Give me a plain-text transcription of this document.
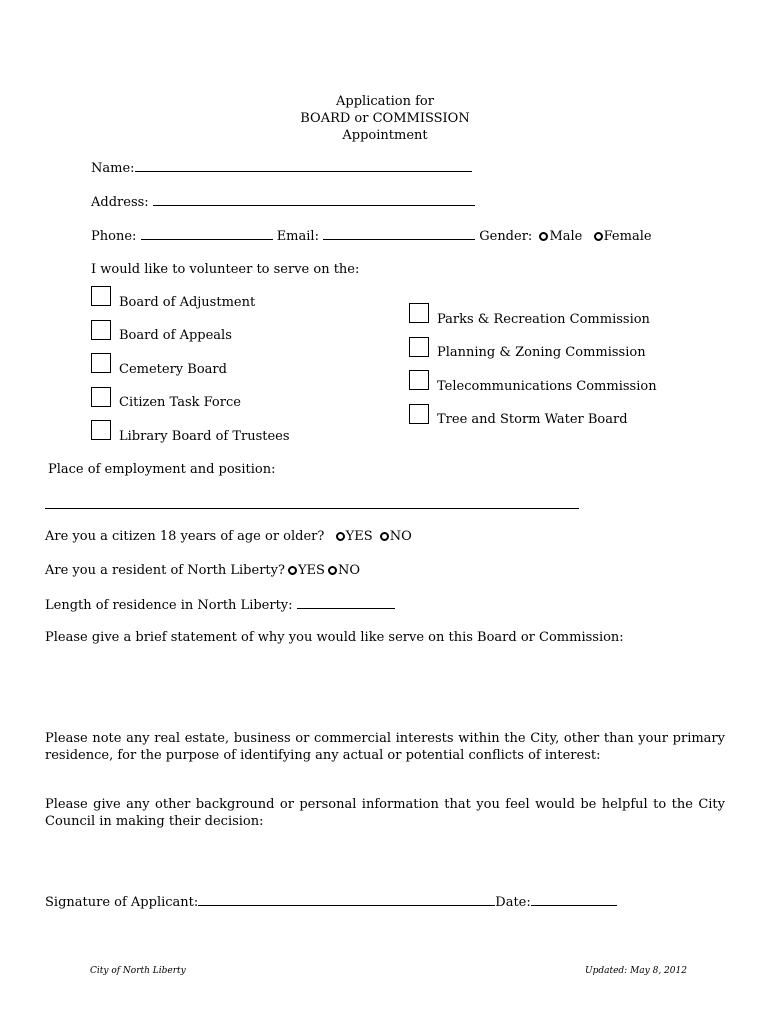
Application for
BOARD or COMMISSION
Appointment
Name:
Address:
Phone:	Email:	Gender: Male Female
I would like to volunteer to serve on the:
Board of Adjustment
Board of Appeals
Cemetery Board
Citizen Task Force
Library Board of Trustees
Parks & Recreation Commission
Planning & Zoning Commission
Telecommunications Commission
Tree and Storm Water Board
Place of employment and position:
Are you a citizen 18 years of age or older? YES NO
Are you a resident of North Liberty? YES NO
Length of residence in North Liberty:
Please give a brief statement of why you would like serve on this Board or Commission:
Please note any real estate, business or commercial interests within the City, other than your primary residence, for the purpose of identifying any actual or potential conflicts of interest:
Please give any other background or personal information that you feel would be helpful to the City Council in making their decision:
Signature of Applicant:	Date:
City of North Liberty	Updated: May 8, 2012
